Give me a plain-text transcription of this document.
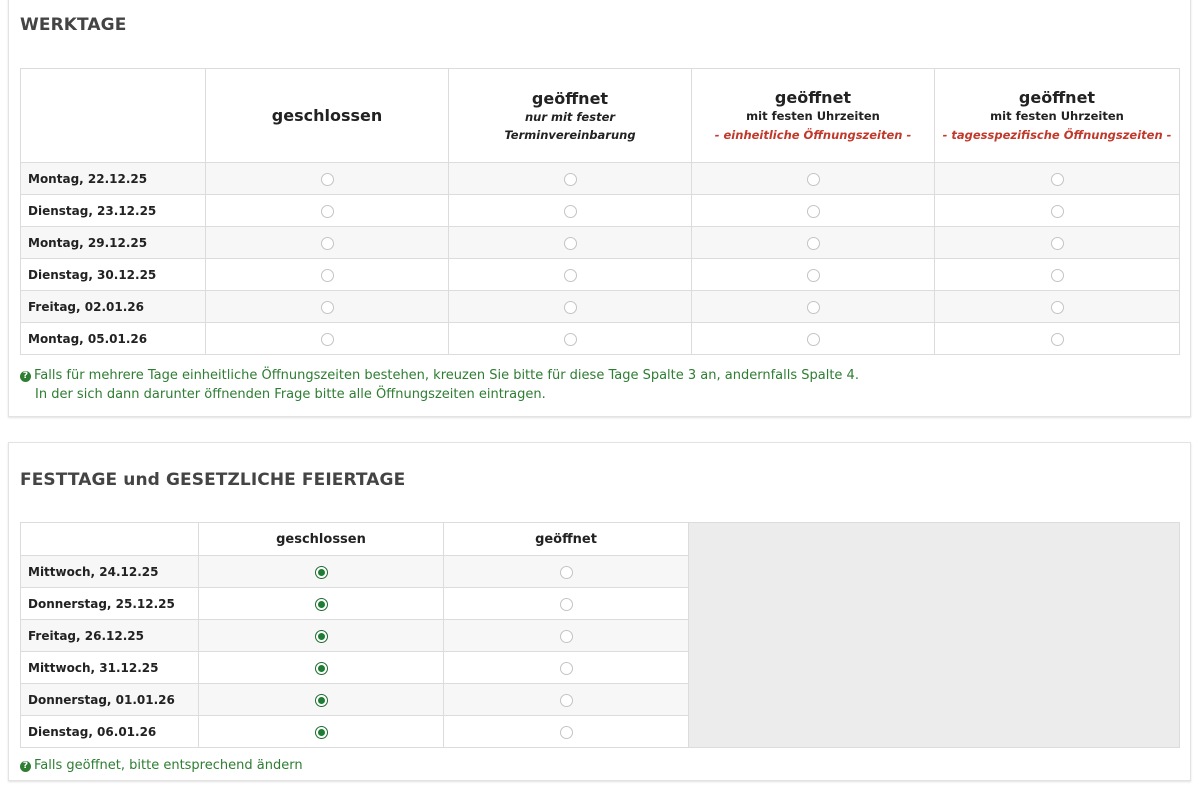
WERKTAGE

	geschlossen	geöffnet
nur mit fester
Terminvereinbarung	geöffnet
mit festen Uhrzeiten
- einheitliche Öffnungszeiten -	geöffnet
mit festen Uhrzeiten
- tagesspezifische Öffnungszeiten -

Montag, 22.12.25				
Dienstag, 23.12.25				
Montag, 29.12.25				
Dienstag, 30.12.25				
Freitag, 02.01.26				
Montag, 05.01.26				
? Falls für mehrere Tage einheitliche Öffnungszeiten bestehen, kreuzen Sie bitte für diese Tage Spalte 3 an, andernfalls Spalte 4.
In der sich dann darunter öffnenden Frage bitte alle Öffnungszeiten eintragen.
FESTTAGE und GESETZLICHE FEIERTAGE
	geschlossen	geöffnet	
Mittwoch, 24.12.25			
Donnerstag, 25.12.25			
Freitag, 26.12.25			
Mittwoch, 31.12.25			
Donnerstag, 01.01.26			
Dienstag, 06.01.26			
? Falls geöffnet, bitte entsprechend ändern
